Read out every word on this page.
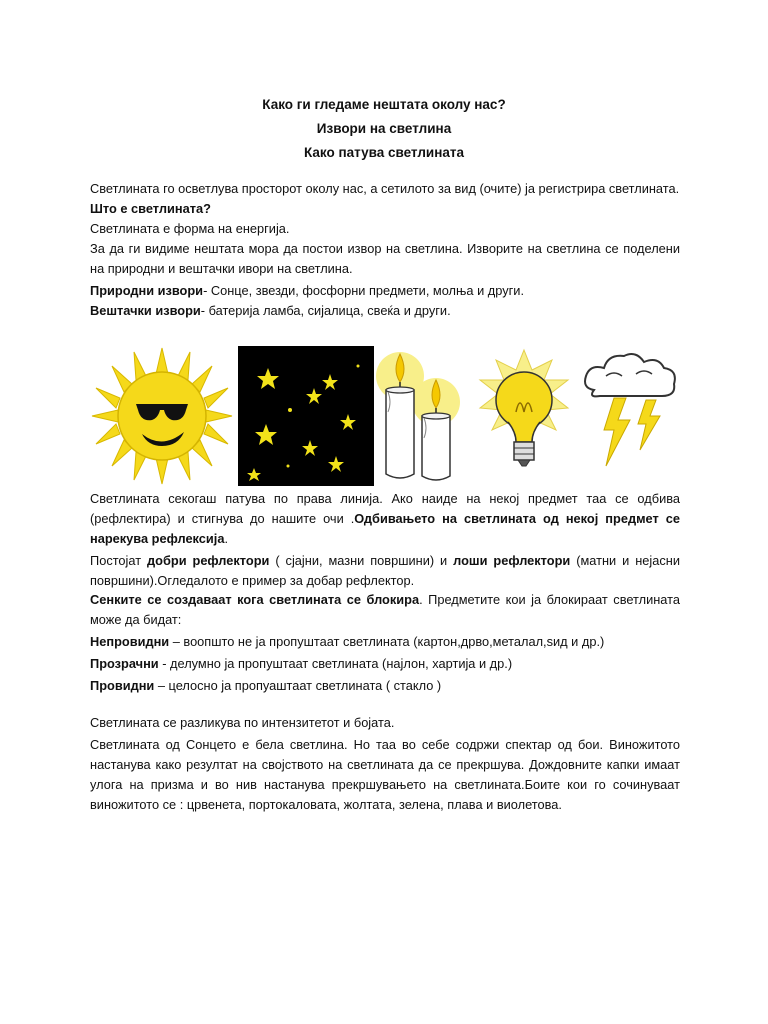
Како ги гледаме нештата околу нас?
Извори на светлина
Како патува светлината

Светлината го осветлува просторот околу нас, а сетилото за вид (очите) ја регистрира светлината.

Што е светлината?

Светлината е форма на енергија.

За да ги видиме нештата мора да постои извор на светлина. Изворите на светлина се поделени на природни и вештачки ивори на светлина.

Природни извори- Сонце, звезди, фосфорни предмети, молња и други.

Вештачки извори- батерија ламба, сијалица, свеќа и други.

Светлината секогаш патува по права линија. Ако наиде на некој предмет таа се одбива (рефлектира) и стигнува до нашите очи .Одбивањето на светлината од некој предмет се нарекува рефлексија.

Постојат добри рефлектори ( сјајни, мазни површини) и лоши рефлектори (матни и нејасни површини).Огледалото е пример за добар рефлектор.

Сенките се создаваат кога светлината се блокира. Предметите кои ја блокираат светлината може да бидат:

Непровидни – воопшто не ја пропуштаат светлината (картон,дрво,металал,ѕид и др.)

Прозрачни - делумно ја пропуштаат светлината (најлон, хартија и др.)

Провидни – целосно ја пропуаштаат светлината ( стакло )

Светлината се разликува по интензитетот и бојата.

Светлината од Сонцето е бела светлина. Но таа во себе содржи спектар од бои. Виножитото настанува како резултат на својството на светлината да се прекршува. Дождовните капки имаат улога на призма и во нив настанува прекршувањето на светлината.Боите кои го сочинуваат виножитото се : црвенета, портокаловата, жолтата, зелена, плава и виолетова.
